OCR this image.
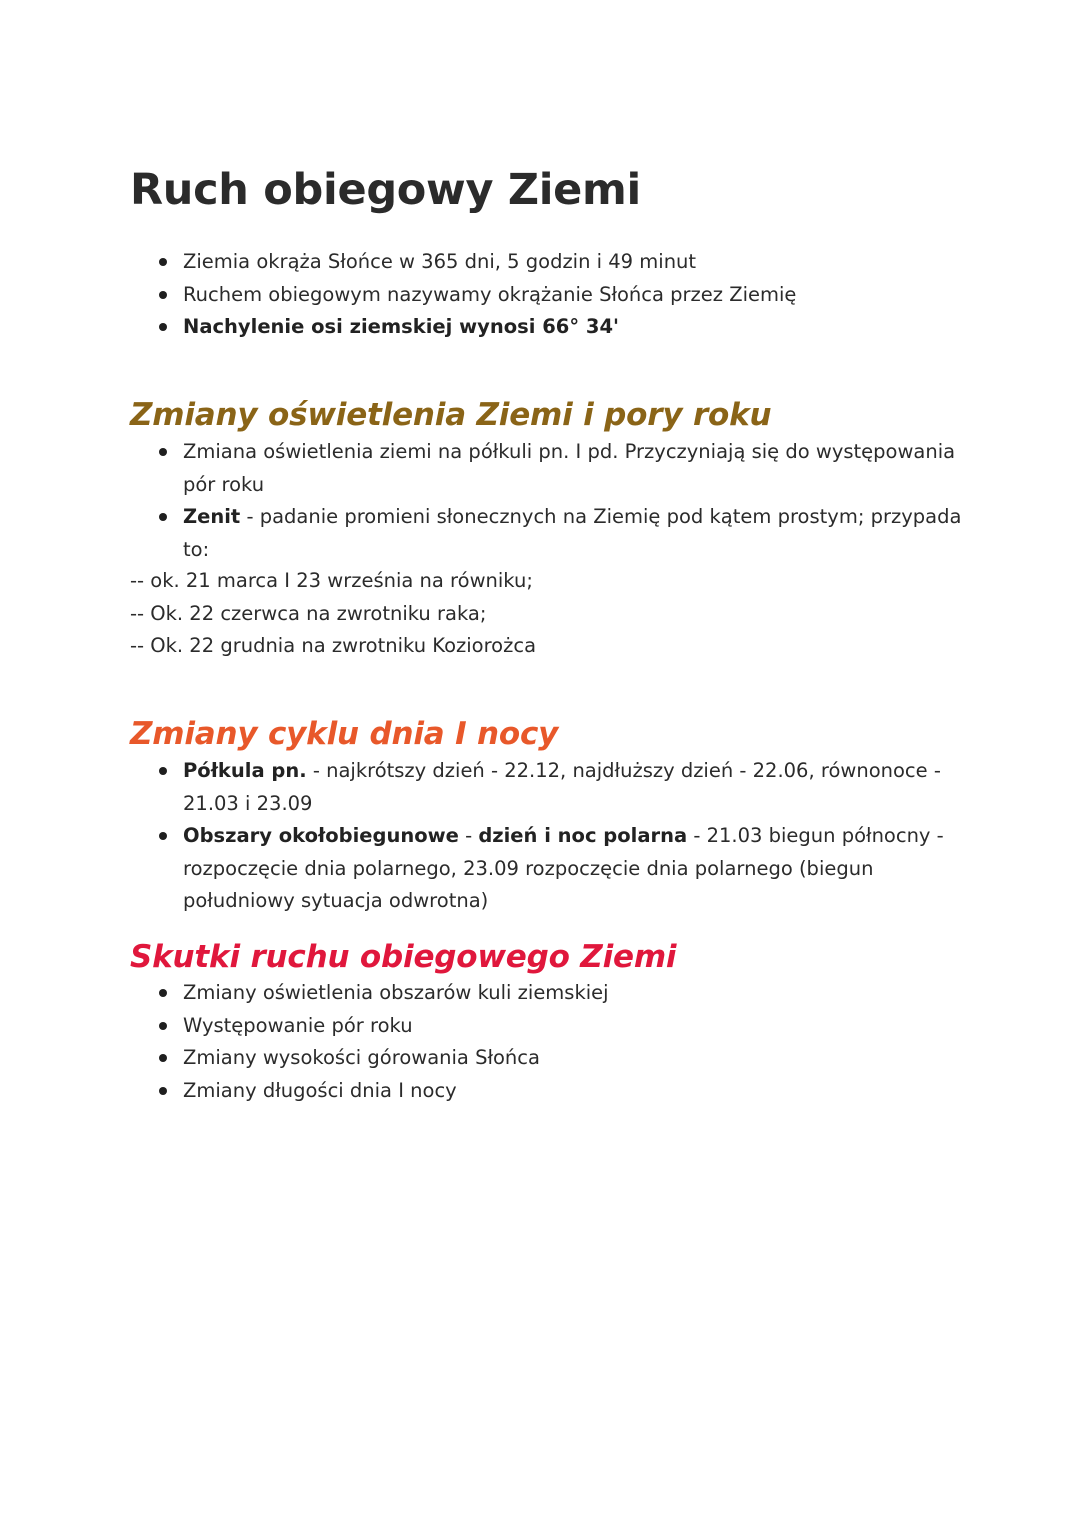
Ruch obiegowy Ziemi
Ziemia okrąża Słońce w 365 dni, 5 godzin i 49 minut
Ruchem obiegowym nazywamy okrążanie Słońca przez Ziemię
Nachylenie osi ziemskiej wynosi 66° 34'
Zmiany oświetlenia Ziemi i pory roku
Zmiana oświetlenia ziemi na półkuli pn. I pd. Przyczyniają się do występowania pór roku
Zenit - padanie promieni słonecznych na Ziemię pod kątem prostym; przypada to:
-- ok. 21 marca I 23 września na równiku;
-- Ok. 22 czerwca na zwrotniku raka;
-- Ok. 22 grudnia na zwrotniku Koziorożca
Zmiany cyklu dnia I nocy
Półkula pn. - najkrótszy dzień - 22.12, najdłuższy dzień - 22.06, równonoce - 21.03 i 23.09
Obszary okołobiegunowe - dzień i noc polarna - 21.03 biegun północny - rozpoczęcie dnia polarnego, 23.09 rozpoczęcie dnia polarnego (biegun południowy sytuacja odwrotna)
Skutki ruchu obiegowego Ziemi
Zmiany oświetlenia obszarów kuli ziemskiej
Występowanie pór roku
Zmiany wysokości górowania Słońca
Zmiany długości dnia I nocy
